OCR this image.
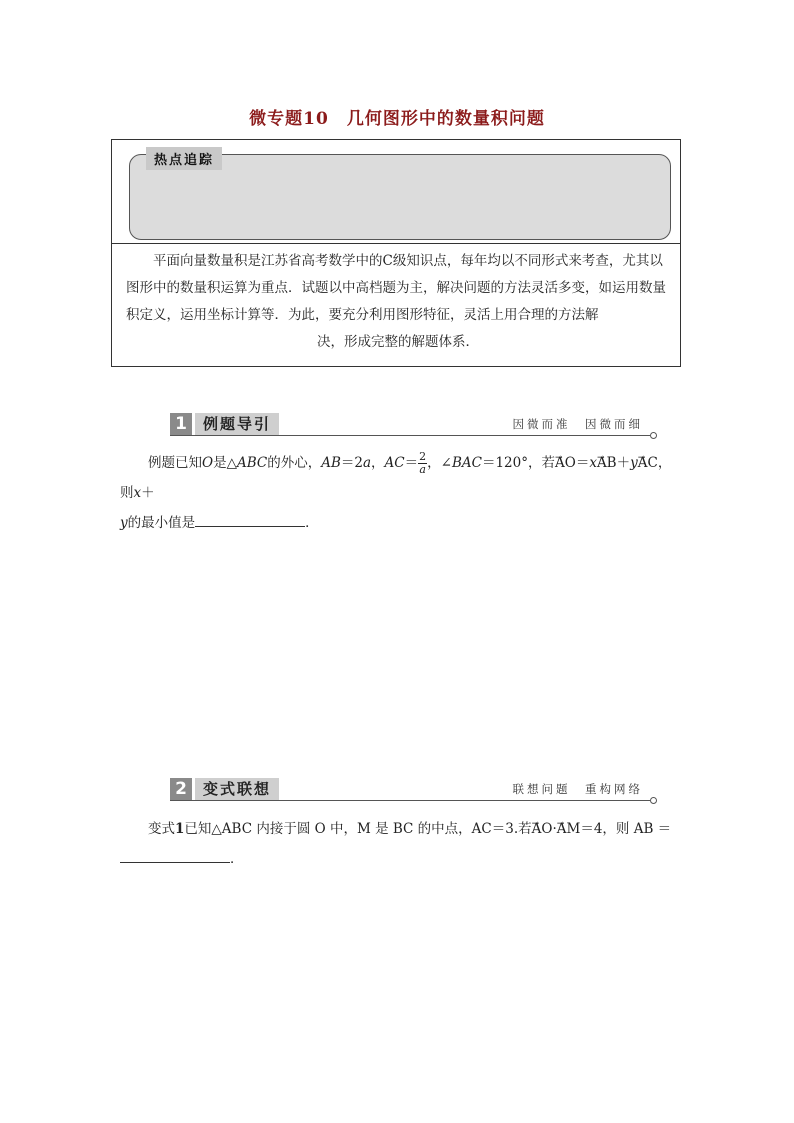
微专题10　几何图形中的数量积问题
热点追踪
平面向量数量积是江苏省高考数学中的C级知识点，每年均以不同形式来考查，尤其以图形中的数量积运算为重点．试题以中高档题为主，解决问题的方法灵活多变，如运用数量积定义，运用坐标计算等．为此，要充分利用图形特征，灵活上用合理的方法解
决，形成完整的解题体系．
1	例题导引	因微而准　因微而细
例题已知O是△ABC的外心，AB＝2a，$AC= \frac{2}{a}$ ，∠BAC＝120°，若→ AO＝x→ AB＋y→ AC，则x＋
y的最小值是	．
2	变式联想	联想问题　重构网络
变式1已知△ABC 内接于圆 O 中，M 是 BC 的中点，AC＝3.若→ AO·→ AM＝4，则 AB ＝
．
